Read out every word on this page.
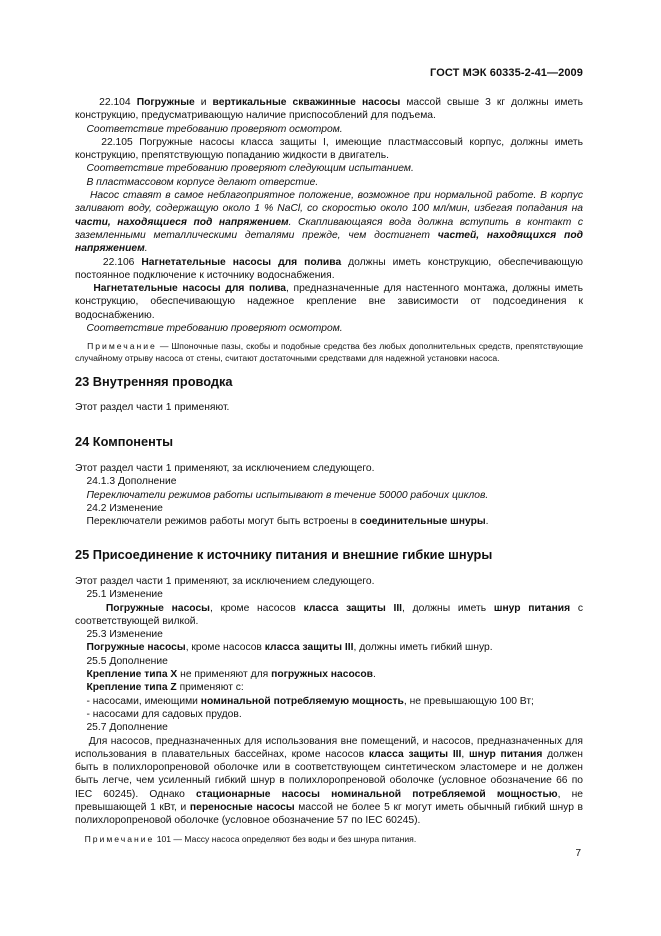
ГОСТ МЭК 60335-2-41—2009

22.104 Погружные и вертикальные скважинные насосы массой свыше 3 кг должны иметь конструкцию, предусматривающую наличие приспособлений для подъема.

Соответствие требованию проверяют осмотром.

22.105 Погружные насосы класса защиты I, имеющие пластмассовый корпус, должны иметь конструкцию, препятствующую попаданию жидкости в двигатель.

Соответствие требованию проверяют следующим испытанием.

В пластмассовом корпусе делают отверстие.

Насос ставят в самое неблагоприятное положение, возможное при нормальной работе. В корпус заливают воду, содержащую около 1 % NaCl, со скоростью около 100 мл/мин, избегая попадания на части, находящиеся под напряжением. Скапливающаяся вода должна вступить в контакт с заземленными металлическими деталями прежде, чем достигнет частей, находящихся под напряжением.

22.106 Нагнетательные насосы для полива должны иметь конструкцию, обеспечивающую постоянное подключение к источнику водоснабжения.

Нагнетательные насосы для полива, предназначенные для настенного монтажа, должны иметь конструкцию, обеспечивающую надежное крепление вне зависимости от подсоединения к водоснабжению.

Соответствие требованию проверяют осмотром.

Примечание — Шпоночные пазы, скобы и подобные средства без любых дополнительных средств, препятствующие случайному отрыву насоса от стены, считают достаточными средствами для надежной установки насоса.

23 Внутренняя проводка

Этот раздел части 1 применяют.

24 Компоненты

Этот раздел части 1 применяют, за исключением следующего.

24.1.3 Дополнение

Переключатели режимов работы испытывают в течение 50000 рабочих циклов.

24.2 Изменение

Переключатели режимов работы могут быть встроены в соединительные шнуры.

25 Присоединение к источнику питания и внешние гибкие шнуры

Этот раздел части 1 применяют, за исключением следующего.

25.1 Изменение

Погружные насосы, кроме насосов класса защиты III, должны иметь шнур питания с соответствующей вилкой.

25.3 Изменение

Погружные насосы, кроме насосов класса защиты III, должны иметь гибкий шнур.

25.5 Дополнение

Крепление типа X не применяют для погружных насосов.

Крепление типа Z применяют с:

- насосами, имеющими номинальной потребляемую мощность, не превышающую 100 Вт;

- насосами для садовых прудов.

25.7 Дополнение

Для насосов, предназначенных для использования вне помещений, и насосов, предназначенных для использования в плавательных бассейнах, кроме насосов класса защиты III, шнур питания должен быть в полихлоропреновой оболочке или в соответствующем синтетическом эластомере и не должен быть легче, чем усиленный гибкий шнур в полихлоропреновой оболочке (условное обозначение 66 по IEC 60245). Однако стационарные насосы номинальной потребляемой мощностью, не превышающей 1 кВт, и переносные насосы массой не более 5 кг могут иметь обычный гибкий шнур в полихлоропреновой оболочке (условное обозначение 57 по IEC 60245).

Примечание 101 — Массу насоса определяют без воды и без шнура питания.

7
